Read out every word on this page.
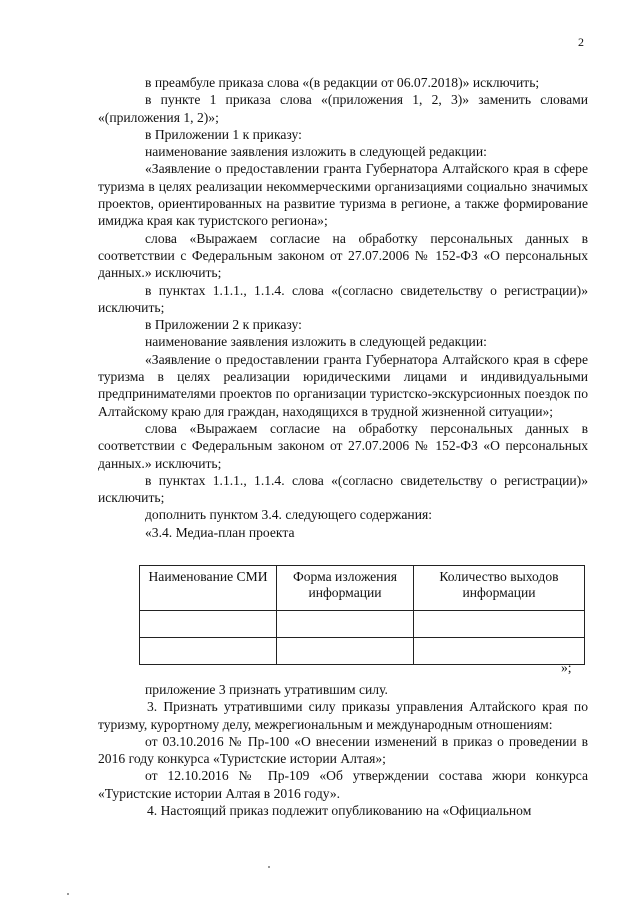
2

в преамбуле приказа слова «(в редакции от 06.07.2018)» исключить;

в пункте 1 приказа слова «(приложения 1, 2, 3)» заменить словами «(приложения 1, 2)»;

в Приложении 1 к приказу:

наименование заявления изложить в следующей редакции:

«Заявление о предоставлении гранта Губернатора Алтайского края в сфере туризма в целях реализации некоммерческими организациями социально значимых проектов, ориентированных на развитие туризма в регионе, а также формирование имиджа края как туристского региона»;

слова «Выражаем согласие на обработку персональных данных в соответствии с Федеральным законом от 27.07.2006 № 152-ФЗ «О персональных данных.» исключить;

в пунктах 1.1.1., 1.1.4. слова «(согласно свидетельству о регистрации)» исключить;

в Приложении 2 к приказу:

наименование заявления изложить в следующей редакции:

«Заявление о предоставлении гранта Губернатора Алтайского края в сфере туризма в целях реализации юридическими лицами и индивидуальными предпринимателями проектов по организации туристско-экскурсионных поездок по Алтайскому краю для граждан, находящихся в трудной жизненной ситуации»;

слова «Выражаем согласие на обработку персональных данных в соответствии с Федеральным законом от 27.07.2006 № 152-ФЗ «О персональных данных.» исключить;

в пунктах 1.1.1., 1.1.4. слова «(согласно свидетельству о регистрации)» исключить;

дополнить пунктом 3.4. следующего содержания:

«3.4. Медиа-план проекта

Наименование СМИ	Форма изложения информации	Количество выходов информации

»;

приложение 3 признать утратившим силу.

3. Признать утратившими силу приказы управления Алтайского края по туризму, курортному делу, межрегиональным и международным отношениям:

от 03.10.2016 № Пр-100 «О внесении изменений в приказ о проведении в 2016 году конкурса «Туристские истории Алтая»;

от 12.10.2016 № Пр-109 «Об утверждении состава жюри конкурса «Туристские истории Алтая в 2016 году».

4. Настоящий приказ подлежит опубликованию на «Официальном
